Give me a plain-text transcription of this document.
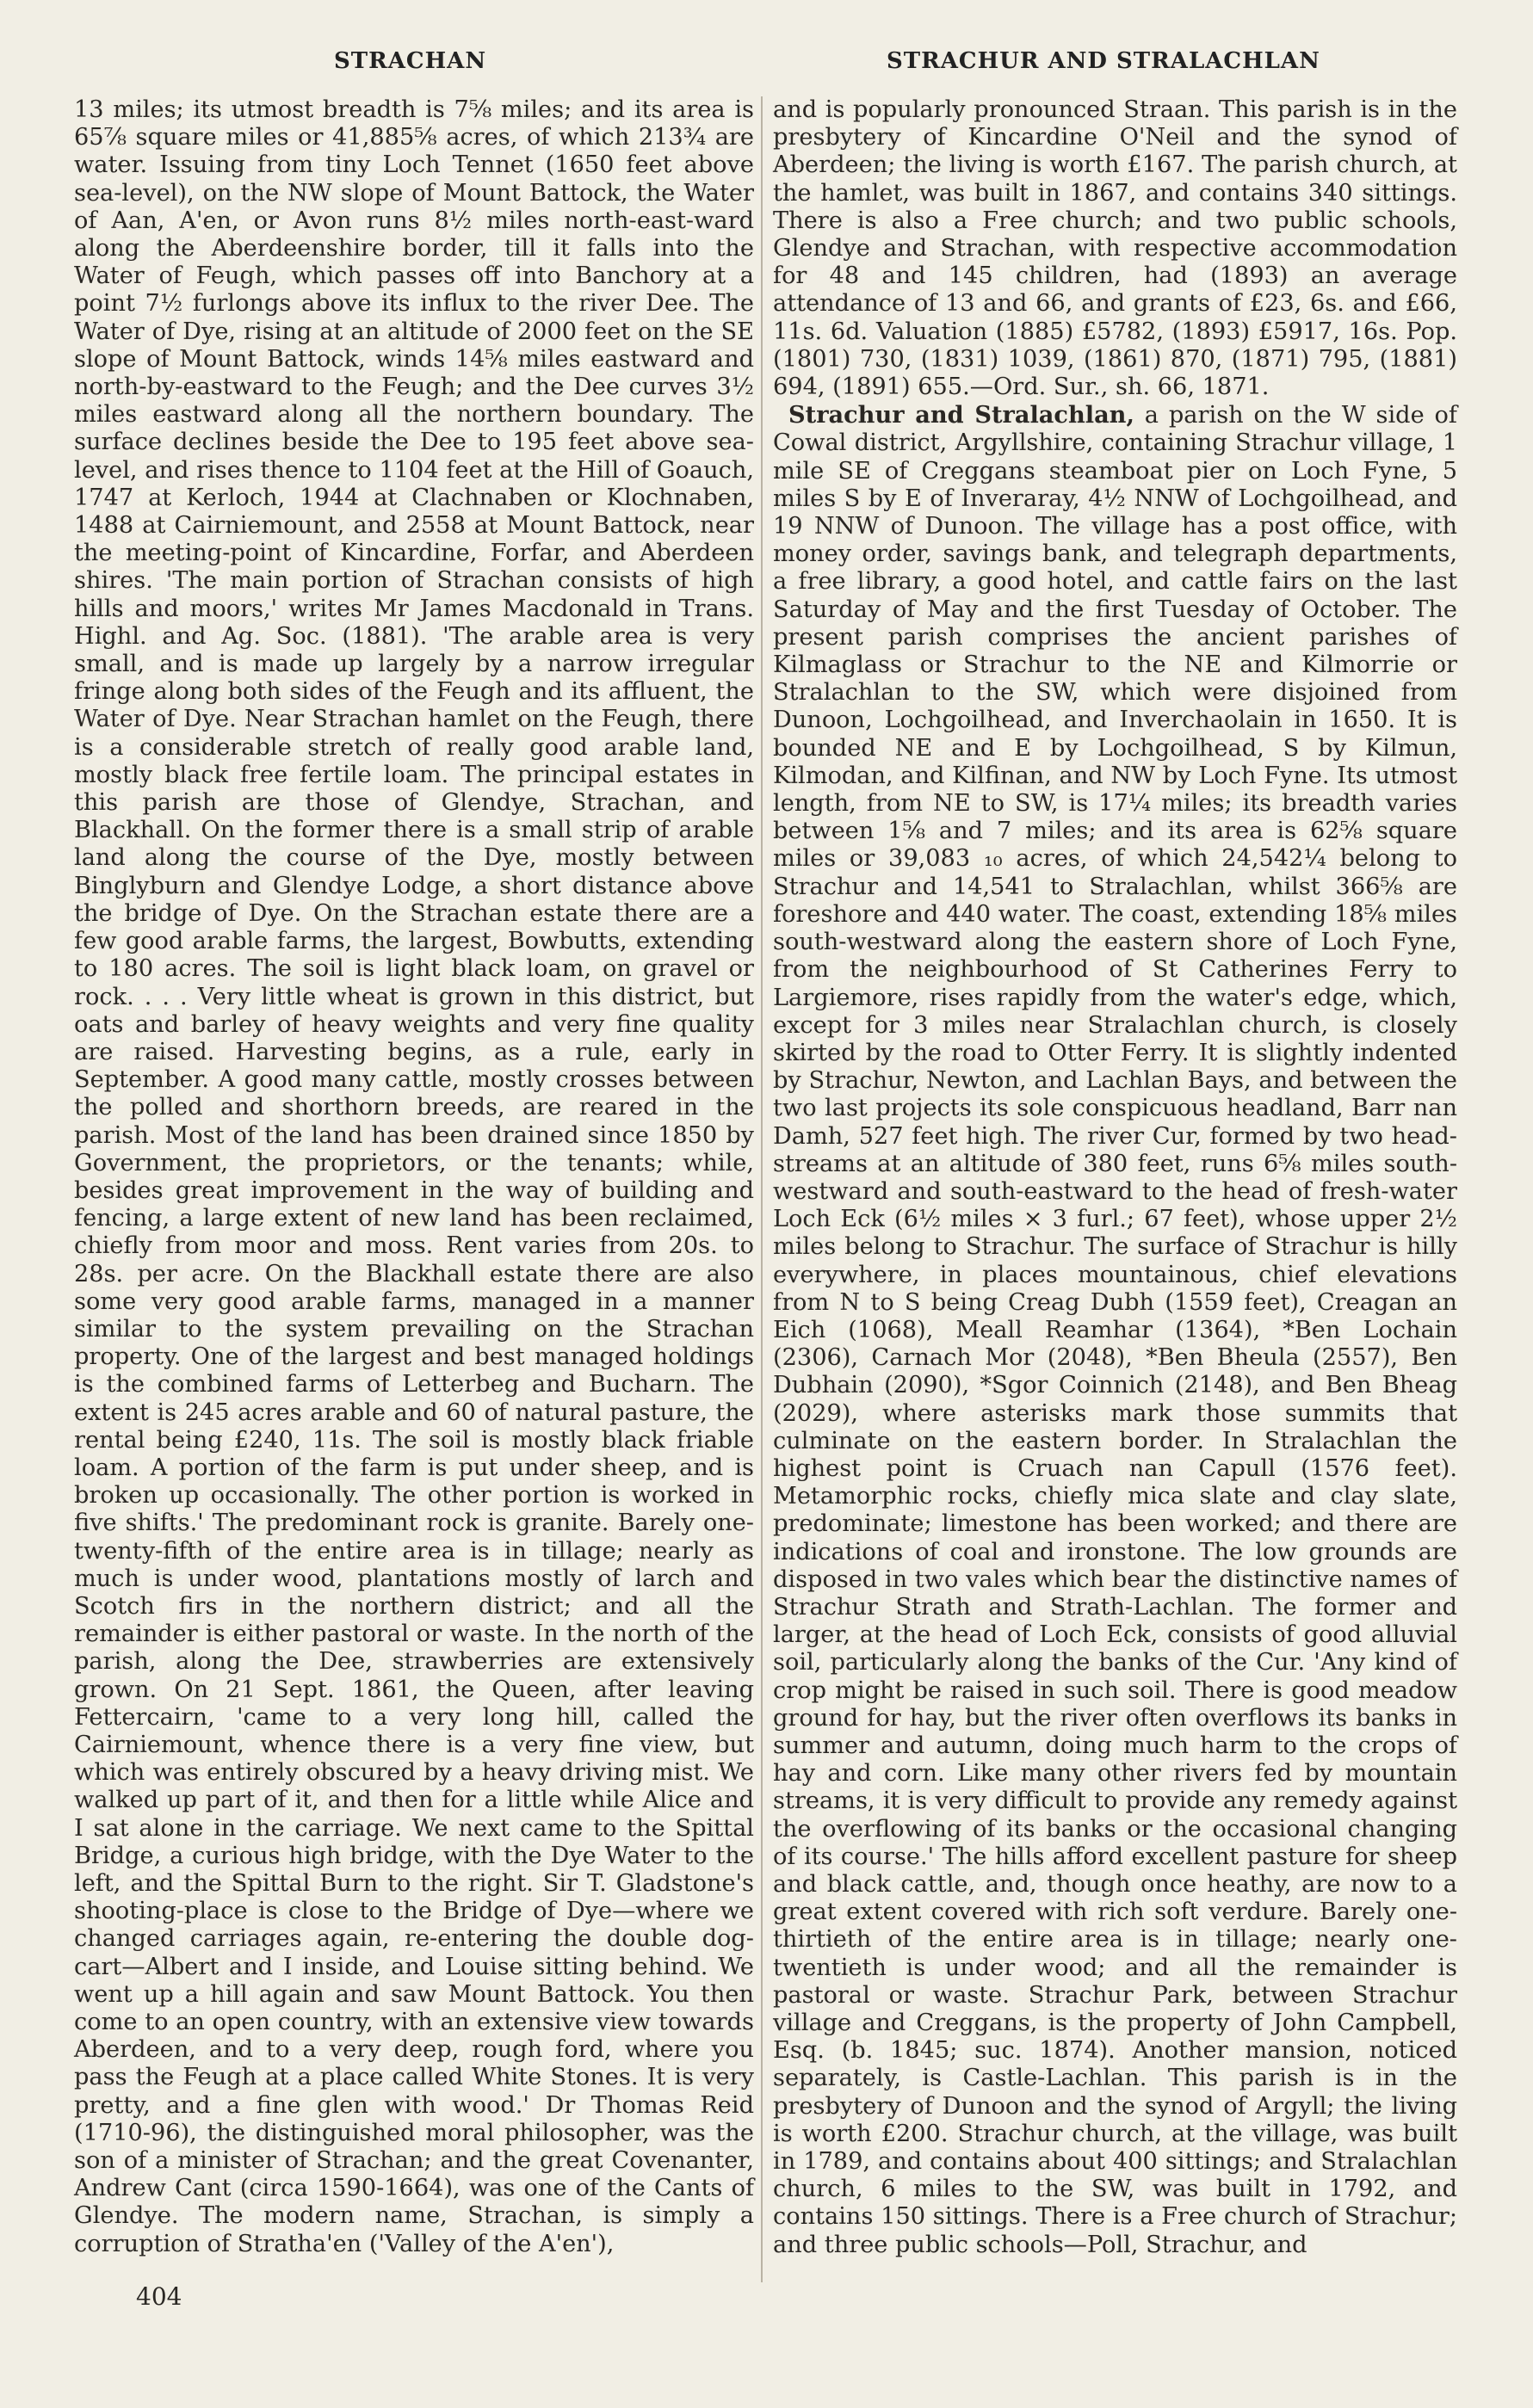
STRACHAN	STRACHUR AND STRALACHLAN

13 miles; its utmost breadth is 7⅝ miles; and its area is 65⅞ square miles or 41,885⅝ acres, of which 213¾ are water. Issuing from tiny Loch Tennet (1650 feet above sea-level), on the NW slope of Mount Battock, the Water of Aan, A'en, or Avon runs 8½ miles north-east-ward along the Aberdeenshire border, till it falls into the Water of Feugh, which passes off into Banchory at a point 7½ furlongs above its influx to the river Dee. The Water of Dye, rising at an altitude of 2000 feet on the SE slope of Mount Battock, winds 14⅝ miles eastward and north-by-eastward to the Feugh; and the Dee curves 3½ miles eastward along all the northern boundary. The surface declines beside the Dee to 195 feet above sea-level, and rises thence to 1104 feet at the Hill of Goauch, 1747 at Kerloch, 1944 at Clachnaben or Klochnaben, 1488 at Cairniemount, and 2558 at Mount Battock, near the meeting-point of Kincardine, Forfar, and Aberdeen shires. 'The main portion of Strachan consists of high hills and moors,' writes Mr James Macdonald in Trans. Highl. and Ag. Soc. (1881). 'The arable area is very small, and is made up largely by a narrow irregular fringe along both sides of the Feugh and its affluent, the Water of Dye. Near Strachan hamlet on the Feugh, there is a considerable stretch of really good arable land, mostly black free fertile loam. The principal estates in this parish are those of Glendye, Strachan, and Blackhall. On the former there is a small strip of arable land along the course of the Dye, mostly between Binglyburn and Glendye Lodge, a short distance above the bridge of Dye. On the Strachan estate there are a few good arable farms, the largest, Bowbutts, extending to 180 acres. The soil is light black loam, on gravel or rock. . . . Very little wheat is grown in this district, but oats and barley of heavy weights and very fine quality are raised. Harvesting begins, as a rule, early in September. A good many cattle, mostly crosses between the polled and shorthorn breeds, are reared in the parish. Most of the land has been drained since 1850 by Government, the proprietors, or the tenants; while, besides great improvement in the way of building and fencing, a large extent of new land has been reclaimed, chiefly from moor and moss. Rent varies from 20s. to 28s. per acre. On the Blackhall estate there are also some very good arable farms, managed in a manner similar to the system prevailing on the Strachan property. One of the largest and best managed holdings is the combined farms of Letterbeg and Bucharn. The extent is 245 acres arable and 60 of natural pasture, the rental being £240, 11s. The soil is mostly black friable loam. A portion of the farm is put under sheep, and is broken up occasionally. The other portion is worked in five shifts.' The predominant rock is granite. Barely one-twenty-fifth of the entire area is in tillage; nearly as much is under wood, plantations mostly of larch and Scotch firs in the northern district; and all the remainder is either pastoral or waste. In the north of the parish, along the Dee, strawberries are extensively grown. On 21 Sept. 1861, the Queen, after leaving Fettercairn, 'came to a very long hill, called the Cairniemount, whence there is a very fine view, but which was entirely obscured by a heavy driving mist. We walked up part of it, and then for a little while Alice and I sat alone in the carriage. We next came to the Spittal Bridge, a curious high bridge, with the Dye Water to the left, and the Spittal Burn to the right. Sir T. Gladstone's shooting-place is close to the Bridge of Dye—where we changed carriages again, re-entering the double dog-cart—Albert and I inside, and Louise sitting behind. We went up a hill again and saw Mount Battock. You then come to an open country, with an extensive view towards Aberdeen, and to a very deep, rough ford, where you pass the Feugh at a place called White Stones. It is very pretty, and a fine glen with wood.' Dr Thomas Reid (1710-96), the distinguished moral philosopher, was the son of a minister of Strachan; and the great Covenanter, Andrew Cant (circa 1590-1664), was one of the Cants of Glendye. The modern name, Strachan, is simply a corruption of Stratha'en ('Valley of the A'en'),

and is popularly pronounced Straan. This parish is in the presbytery of Kincardine O'Neil and the synod of Aberdeen; the living is worth £167. The parish church, at the hamlet, was built in 1867, and contains 340 sittings. There is also a Free church; and two public schools, Glendye and Strachan, with respective accommodation for 48 and 145 children, had (1893) an average attendance of 13 and 66, and grants of £23, 6s. and £66, 11s. 6d. Valuation (1885) £5782, (1893) £5917, 16s. Pop. (1801) 730, (1831) 1039, (1861) 870, (1871) 795, (1881) 694, (1891) 655.—Ord. Sur., sh. 66, 1871.

Strachur and Stralachlan, a parish on the W side of Cowal district, Argyllshire, containing Strachur village, 1 mile SE of Creggans steamboat pier on Loch Fyne, 5 miles S by E of Inveraray, 4½ NNW of Lochgoilhead, and 19 NNW of Dunoon. The village has a post office, with money order, savings bank, and telegraph departments, a free library, a good hotel, and cattle fairs on the last Saturday of May and the first Tuesday of October. The present parish comprises the ancient parishes of Kilmaglass or Strachur to the NE and Kilmorrie or Stralachlan to the SW, which were disjoined from Dunoon, Lochgoilhead, and Inverchaolain in 1650. It is bounded NE and E by Lochgoilhead, S by Kilmun, Kilmodan, and Kilfinan, and NW by Loch Fyne. Its utmost length, from NE to SW, is 17¼ miles; its breadth varies between 1⅝ and 7 miles; and its area is 62⅝ square miles or 39,083 ₁₀ acres, of which 24,542¼ belong to Strachur and 14,541 to Stralachlan, whilst 366⅝ are foreshore and 440 water. The coast, extending 18⅝ miles south-westward along the eastern shore of Loch Fyne, from the neighbourhood of St Catherines Ferry to Largiemore, rises rapidly from the water's edge, which, except for 3 miles near Stralachlan church, is closely skirted by the road to Otter Ferry. It is slightly indented by Strachur, Newton, and Lachlan Bays, and between the two last projects its sole conspicuous headland, Barr nan Damh, 527 feet high. The river Cur, formed by two head-streams at an altitude of 380 feet, runs 6⅝ miles south-westward and south-eastward to the head of fresh-water Loch Eck (6½ miles × 3 furl.; 67 feet), whose upper 2½ miles belong to Strachur. The surface of Strachur is hilly everywhere, in places mountainous, chief elevations from N to S being Creag Dubh (1559 feet), Creagan an Eich (1068), Meall Reamhar (1364), *Ben Lochain (2306), Carnach Mor (2048), *Ben Bheula (2557), Ben Dubhain (2090), *Sgor Coinnich (2148), and Ben Bheag (2029), where asterisks mark those summits that culminate on the eastern border. In Stralachlan the highest point is Cruach nan Capull (1576 feet). Metamorphic rocks, chiefly mica slate and clay slate, predominate; limestone has been worked; and there are indications of coal and ironstone. The low grounds are disposed in two vales which bear the distinctive names of Strachur Strath and Strath-Lachlan. The former and larger, at the head of Loch Eck, consists of good alluvial soil, particularly along the banks of the Cur. 'Any kind of crop might be raised in such soil. There is good meadow ground for hay, but the river often overflows its banks in summer and autumn, doing much harm to the crops of hay and corn. Like many other rivers fed by mountain streams, it is very difficult to provide any remedy against the overflowing of its banks or the occasional changing of its course.' The hills afford excellent pasture for sheep and black cattle, and, though once heathy, are now to a great extent covered with rich soft verdure. Barely one-thirtieth of the entire area is in tillage; nearly one-twentieth is under wood; and all the remainder is pastoral or waste. Strachur Park, between Strachur village and Creggans, is the property of John Campbell, Esq. (b. 1845; suc. 1874). Another mansion, noticed separately, is Castle-Lachlan. This parish is in the presbytery of Dunoon and the synod of Argyll; the living is worth £200. Strachur church, at the village, was built in 1789, and contains about 400 sittings; and Stralachlan church, 6 miles to the SW, was built in 1792, and contains 150 sittings. There is a Free church of Strachur; and three public schools—Poll, Strachur, and

404
